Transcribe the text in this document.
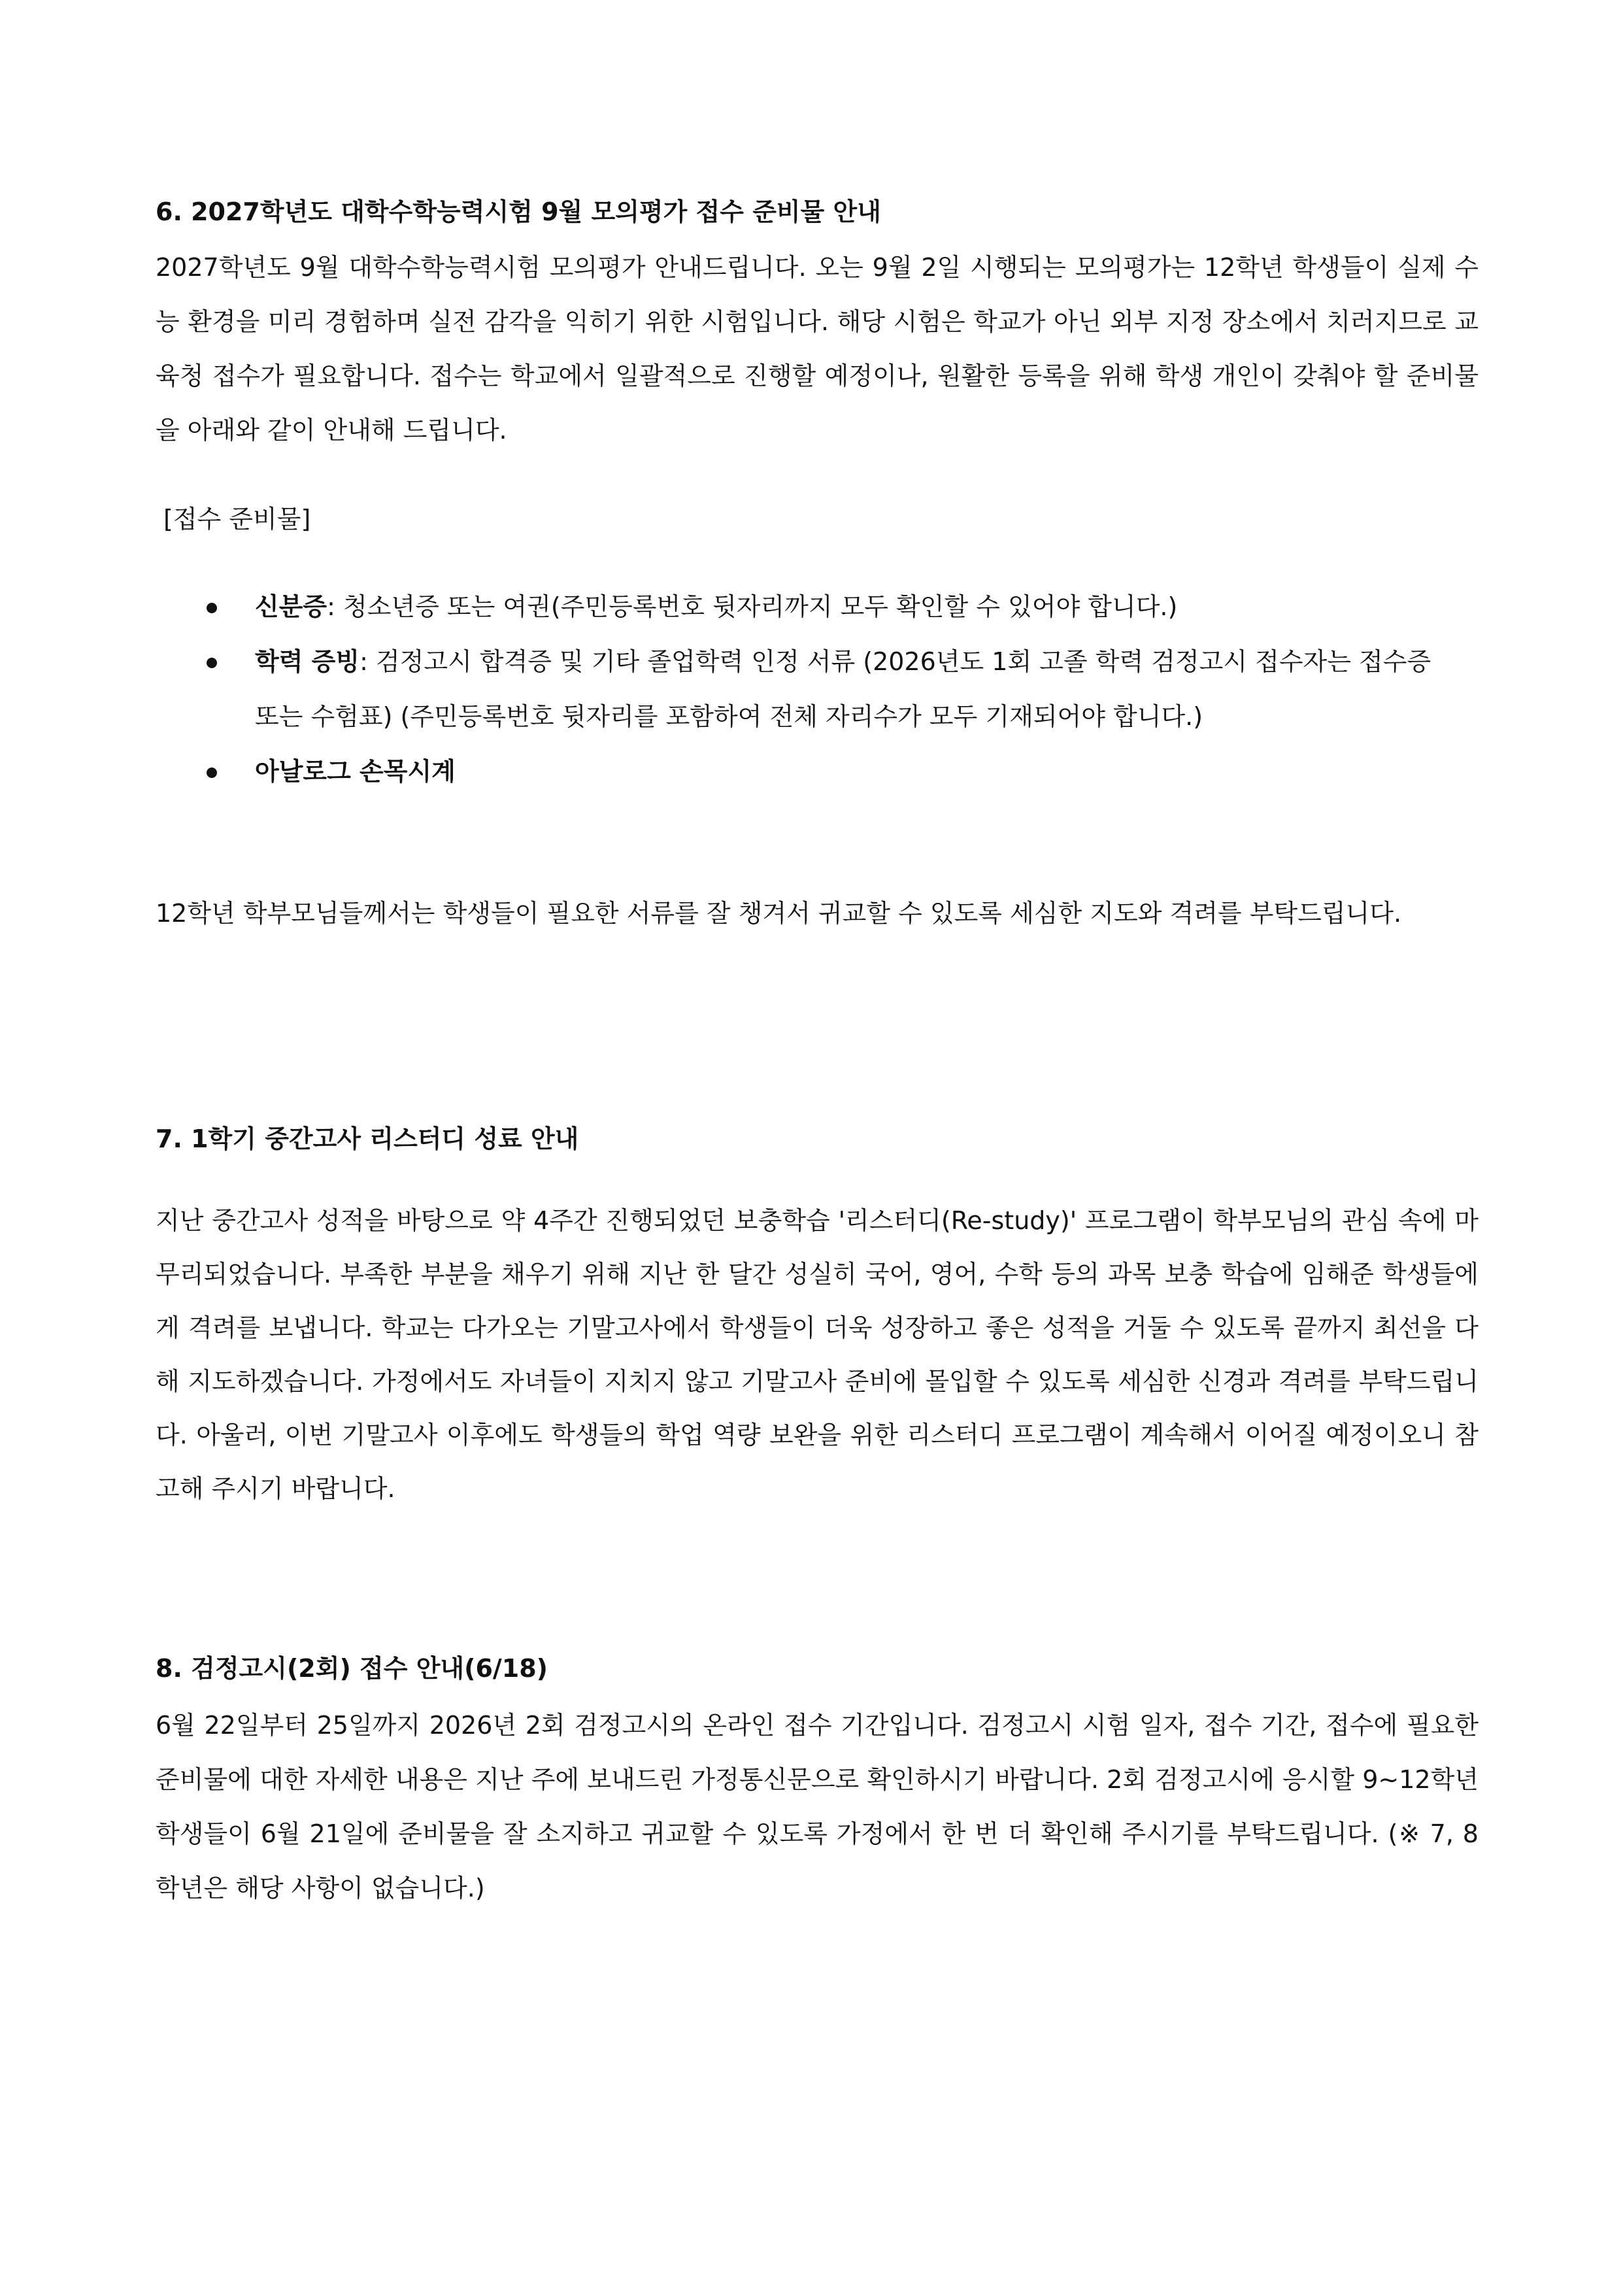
6. 2027학년도 대학수학능력시험 9월 모의평가 접수 준비물 안내

2027학년도 9월 대학수학능력시험 모의평가 안내드립니다. 오는 9월 2일 시행되는 모의평가는 12학년 학생들이 실제 수능 환경을 미리 경험하며 실전 감각을 익히기 위한 시험입니다. 해당 시험은 학교가 아닌 외부 지정 장소에서 치러지므로 교육청 접수가 필요합니다. 접수는 학교에서 일괄적으로 진행할 예정이나, 원활한 등록을 위해 학생 개인이 갖춰야 할 준비물을 아래와 같이 안내해 드립니다.

[접수 준비물]

신분증: 청소년증 또는 여권(주민등록번호 뒷자리까지 모두 확인할 수 있어야 합니다.)
학력 증빙: 검정고시 합격증 및 기타 졸업학력 인정 서류 (2026년도 1회 고졸 학력 검정고시 접수자는 접수증 또는 수험표) (주민등록번호 뒷자리를 포함하여 전체 자리수가 모두 기재되어야 합니다.)
아날로그 손목시계

12학년 학부모님들께서는 학생들이 필요한 서류를 잘 챙겨서 귀교할 수 있도록 세심한 지도와 격려를 부탁드립니다.

7. 1학기 중간고사 리스터디 성료 안내

지난 중간고사 성적을 바탕으로 약 4주간 진행되었던 보충학습 '리스터디(Re-study)' 프로그램이 학부모님의 관심 속에 마무리되었습니다. 부족한 부분을 채우기 위해 지난 한 달간 성실히 국어, 영어, 수학 등의 과목 보충 학습에 임해준 학생들에게 격려를 보냅니다. 학교는 다가오는 기말고사에서 학생들이 더욱 성장하고 좋은 성적을 거둘 수 있도록 끝까지 최선을 다해 지도하겠습니다. 가정에서도 자녀들이 지치지 않고 기말고사 준비에 몰입할 수 있도록 세심한 신경과 격려를 부탁드립니다. 아울러, 이번 기말고사 이후에도 학생들의 학업 역량 보완을 위한 리스터디 프로그램이 계속해서 이어질 예정이오니 참고해 주시기 바랍니다.

8. 검정고시(2회) 접수 안내(6/18)

6월 22일부터 25일까지 2026년 2회 검정고시의 온라인 접수 기간입니다. 검정고시 시험 일자, 접수 기간, 접수에 필요한 준비물에 대한 자세한 내용은 지난 주에 보내드린 가정통신문으로 확인하시기 바랍니다. 2회 검정고시에 응시할 9~12학년 학생들이 6월 21일에 준비물을 잘 소지하고 귀교할 수 있도록 가정에서 한 번 더 확인해 주시기를 부탁드립니다. (※ 7, 8학년은 해당 사항이 없습니다.)
